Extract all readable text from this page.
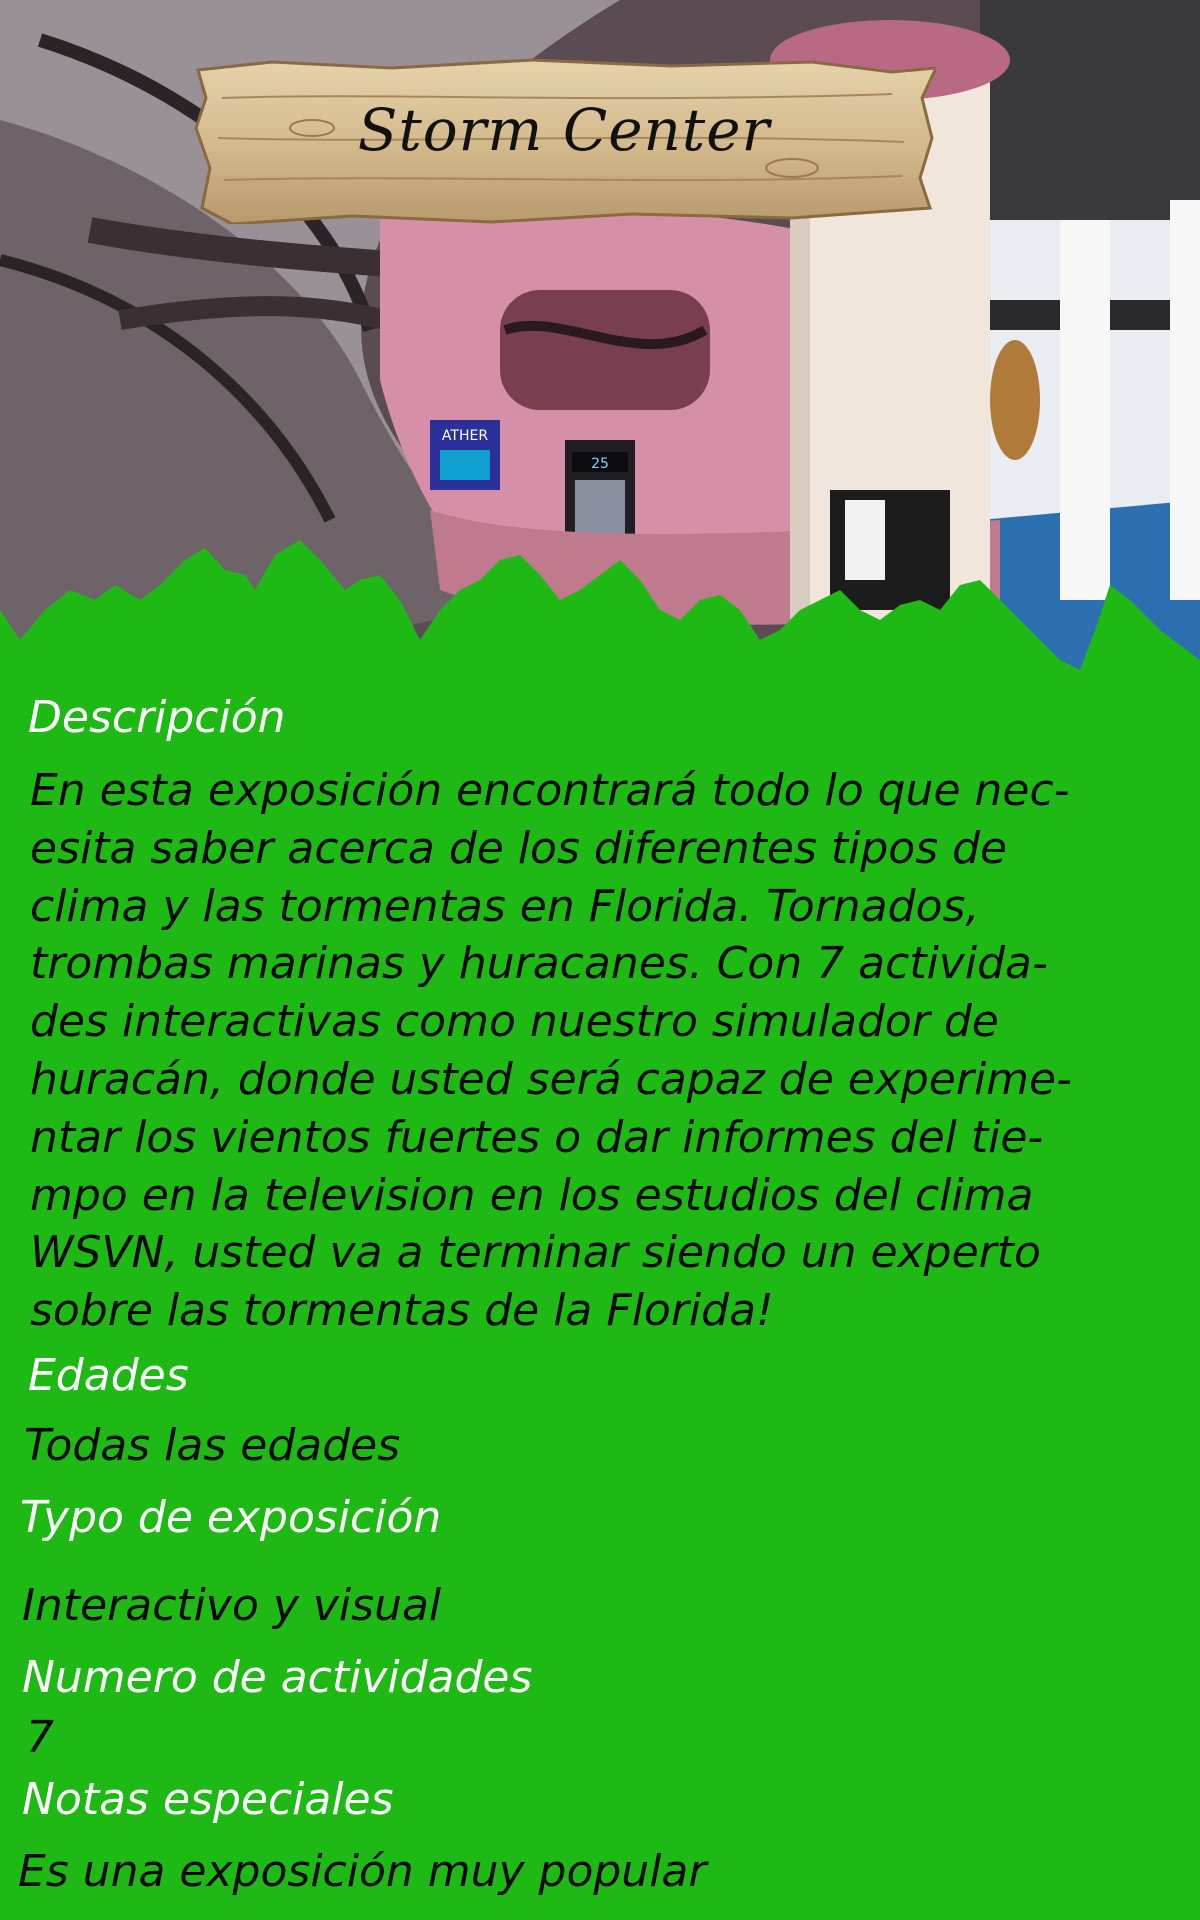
25
ATHER
Storm Center
Descripción
En esta exposición encontrará todo lo que nec-
esita saber acerca de los diferentes tipos de
clima y las tormentas en Florida. Tornados,
trombas marinas y huracanes. Con 7 activida-
des interactivas como nuestro simulador de
huracán, donde usted será capaz de experime-
ntar los vientos fuertes o dar informes del tie-
mpo en la television en los estudios del clima
WSVN, usted va a terminar siendo un experto
sobre las tormentas de la Florida!
Edades
Todas las edades
Typo de exposición
Interactivo y visual
Numero de actividades
7
Notas especiales
Es una exposición muy popular
